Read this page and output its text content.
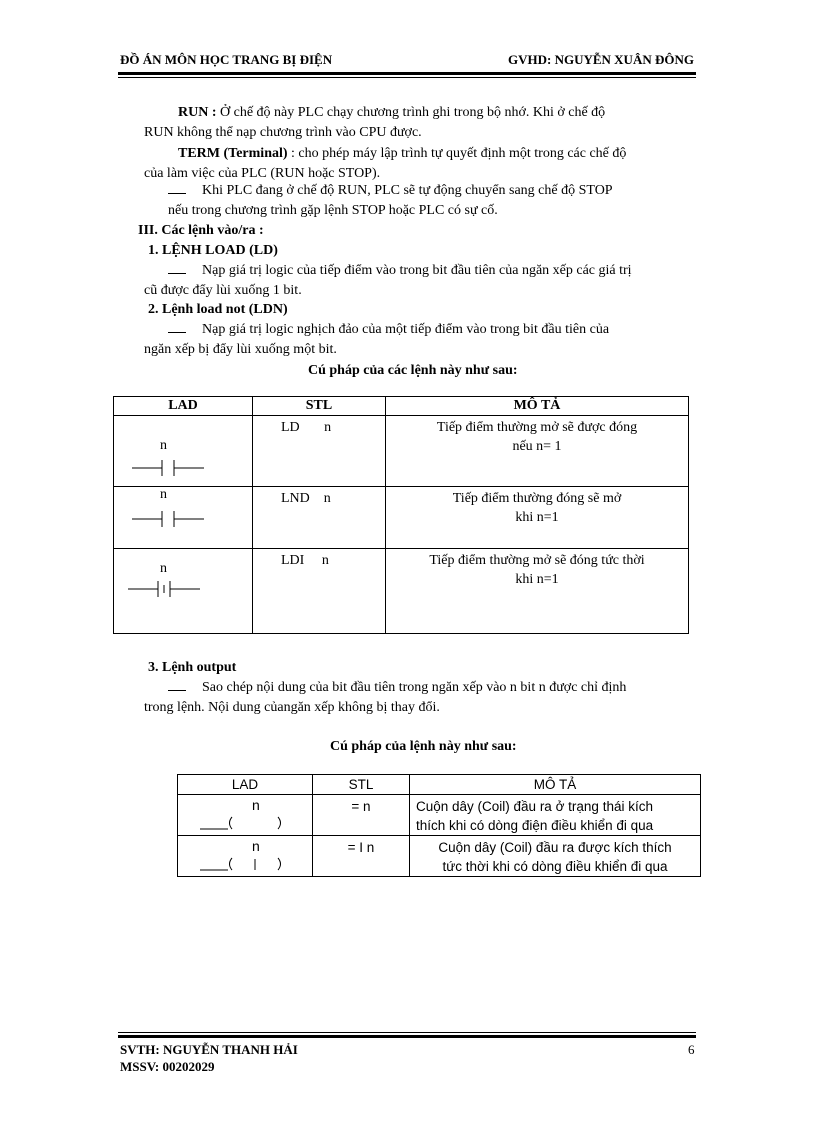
ĐỒ ÁN MÔN HỌC TRANG BỊ ĐIỆN	GVHD: NGUYỄN XUÂN ĐÔNG
RUN : Ở chế độ này PLC chạy chương trình ghi trong bộ nhớ. Khi ở chế độ
RUN không thể nạp chương trình vào CPU được.
TERM (Terminal) : cho phép máy lập trình tự quyết định một trong các chế độ
của làm việc của PLC (RUN hoặc STOP).
Khi PLC đang ở chế độ RUN, PLC sẽ tự động chuyển sang chế độ STOP
nếu trong chương trình gặp lệnh STOP hoặc PLC có sự cố.
III. Các lệnh vào/ra :
1. LỆNH LOAD (LD)
Nạp giá trị logic của tiếp điểm vào trong bit đầu tiên của ngăn xếp các giá trị
cũ được đẩy lùi xuống 1 bit.
2. Lệnh load not (LDN)
Nạp giá trị logic nghịch đảo của một tiếp điểm vào trong bit đầu tiên của
ngăn xếp bị đẩy lùi xuống một bit.
Cú pháp của các lệnh này như sau:
LAD	STL	MÔ TẢ

n	LD       n	Tiếp điểm thường mở sẽ được đóng
nếu n= 1

n	LND    n	Tiếp điểm thường đóng sẽ mở
khi n=1

n	LDI     n	Tiếp điểm thường mở sẽ đóng tức thời
khi n=1
3. Lệnh output
Sao chép nội dung của bit đầu tiên trong ngăn xếp vào n bit n được chỉ định
trong lệnh. Nội dung củangăn xếp không bị thay đổi.
Cú pháp của lệnh này như sau:
LAD	STL	MÔ TẢ

n	= n	Cuộn dây (Coil) đầu ra ở trạng thái kích
thích khi có dòng điện điều khiển đi qua

n	= I n	Cuộn dây (Coil) đầu ra được kích thích
tức thời khi có dòng điều khiển đi qua
SVTH: NGUYỄN THANH HẢI
MSSV: 00202029
6
